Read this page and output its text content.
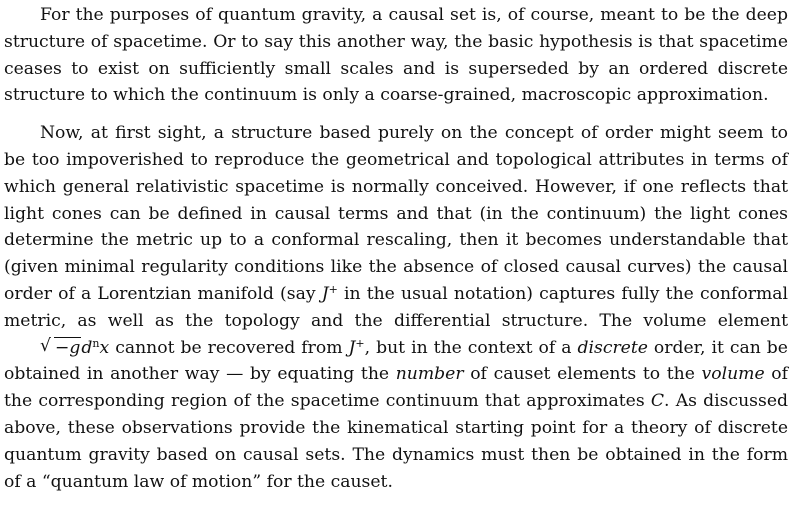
For the purposes of quantum gravity, a causal set is, of course, meant to be the deep structure of spacetime. Or to say this another way, the basic hypothesis is that spacetime ceases to exist on sufficiently small scales and is superseded by an ordered discrete structure to which the continuum is only a coarse-grained, macroscopic approximation.

Now, at first sight, a structure based purely on the concept of order might seem to be too impoverished to reproduce the geometrical and topological attributes in terms of which general relativistic spacetime is normally conceived. However, if one reflects that light cones can be defined in causal terms and that (in the continuum) the light cones determine the metric up to a conformal rescaling, then it becomes understandable that (given minimal regularity conditions like the absence of closed causal curves) the causal order of a Lorentzian manifold (say J+ in the usual notation) captures fully the conformal metric, as well as the topology and the differential structure. The volume element
√ $-gd^nx$ cannot be recovered from J+, but in the context of a discrete order, it can be obtained in another way — by equating the number of causet elements to the volume of the corresponding region of the spacetime continuum that approximates C. As discussed above, these observations provide the kinematical starting point for a theory of discrete quantum gravity based on causal sets. The dynamics must then be obtained in the form of a “quantum law of motion” for the causet.
